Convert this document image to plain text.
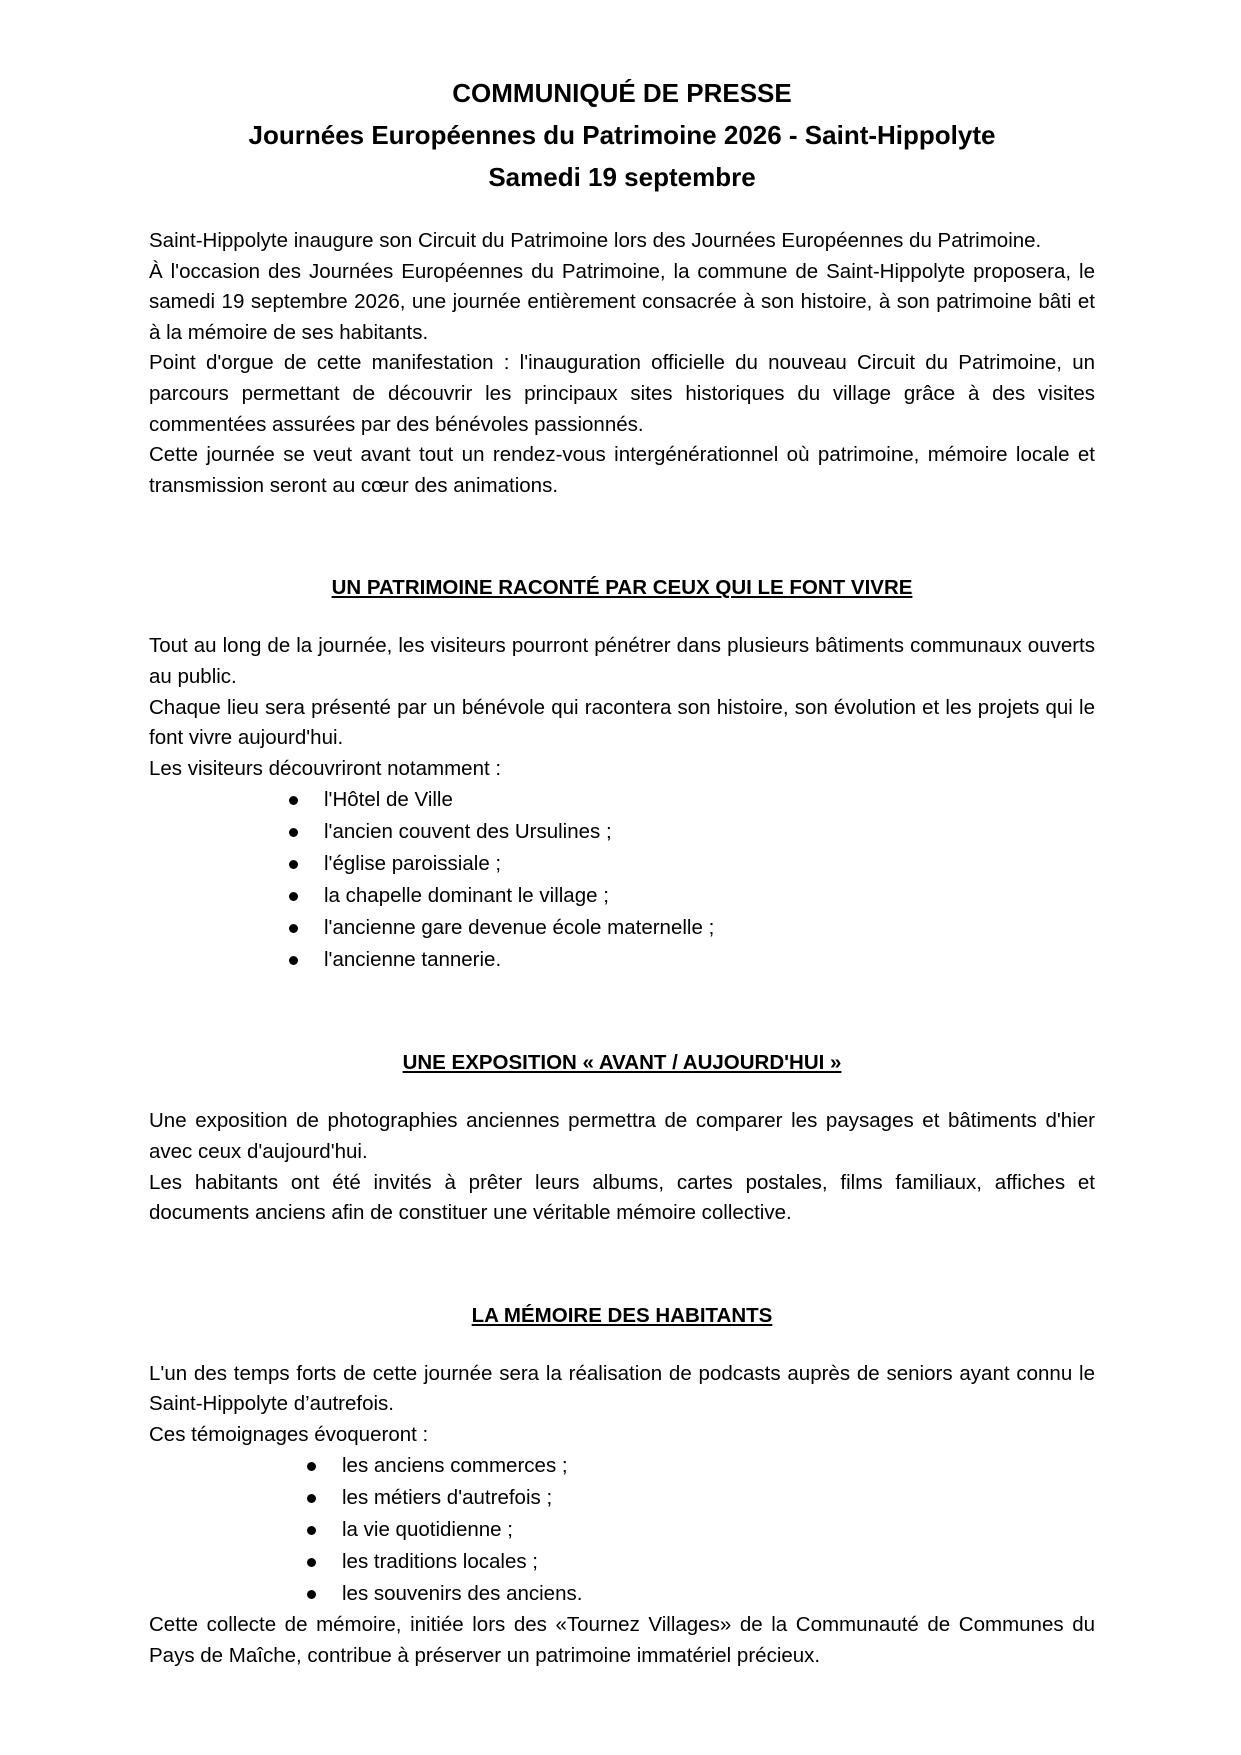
COMMUNIQUÉ DE PRESSE
Journées Européennes du Patrimoine 2026 - Saint-Hippolyte
Samedi 19 septembre

Saint-Hippolyte inaugure son Circuit du Patrimoine lors des Journées Européennes du Patrimoine.

À l'occasion des Journées Européennes du Patrimoine, la commune de Saint-Hippolyte proposera, le samedi 19 septembre 2026, une journée entièrement consacrée à son histoire, à son patrimoine bâti et à la mémoire de ses habitants.

Point d'orgue de cette manifestation : l'inauguration officielle du nouveau Circuit du Patrimoine, un parcours permettant de découvrir les principaux sites historiques du village grâce à des visites commentées assurées par des bénévoles passionnés.

Cette journée se veut avant tout un rendez-vous intergénérationnel où patrimoine, mémoire locale et transmission seront au cœur des animations.

UN PATRIMOINE RACONTÉ PAR CEUX QUI LE FONT VIVRE

Tout au long de la journée, les visiteurs pourront pénétrer dans plusieurs bâtiments communaux ouverts au public.

Chaque lieu sera présenté par un bénévole qui racontera son histoire, son évolution et les projets qui le font vivre aujourd'hui.

Les visiteurs découvriront notamment :

l'Hôtel de Ville
l'ancien couvent des Ursulines ;
l'église paroissiale ;
la chapelle dominant le village ;
l'ancienne gare devenue école maternelle ;
l'ancienne tannerie.
UNE EXPOSITION « AVANT / AUJOURD'HUI »

Une exposition de photographies anciennes permettra de comparer les paysages et bâtiments d'hier avec ceux d'aujourd'hui.

Les habitants ont été invités à prêter leurs albums, cartes postales, films familiaux, affiches et documents anciens afin de constituer une véritable mémoire collective.

LA MÉMOIRE DES HABITANTS

L'un des temps forts de cette journée sera la réalisation de podcasts auprès de seniors ayant connu le Saint-Hippolyte d’autrefois.

Ces témoignages évoqueront :

les anciens commerces ;
les métiers d'autrefois ;
la vie quotidienne ;
les traditions locales ;
les souvenirs des anciens.

Cette collecte de mémoire, initiée lors des «Tournez Villages» de la Communauté de Communes du Pays de Maîche, contribue à préserver un patrimoine immatériel précieux.
